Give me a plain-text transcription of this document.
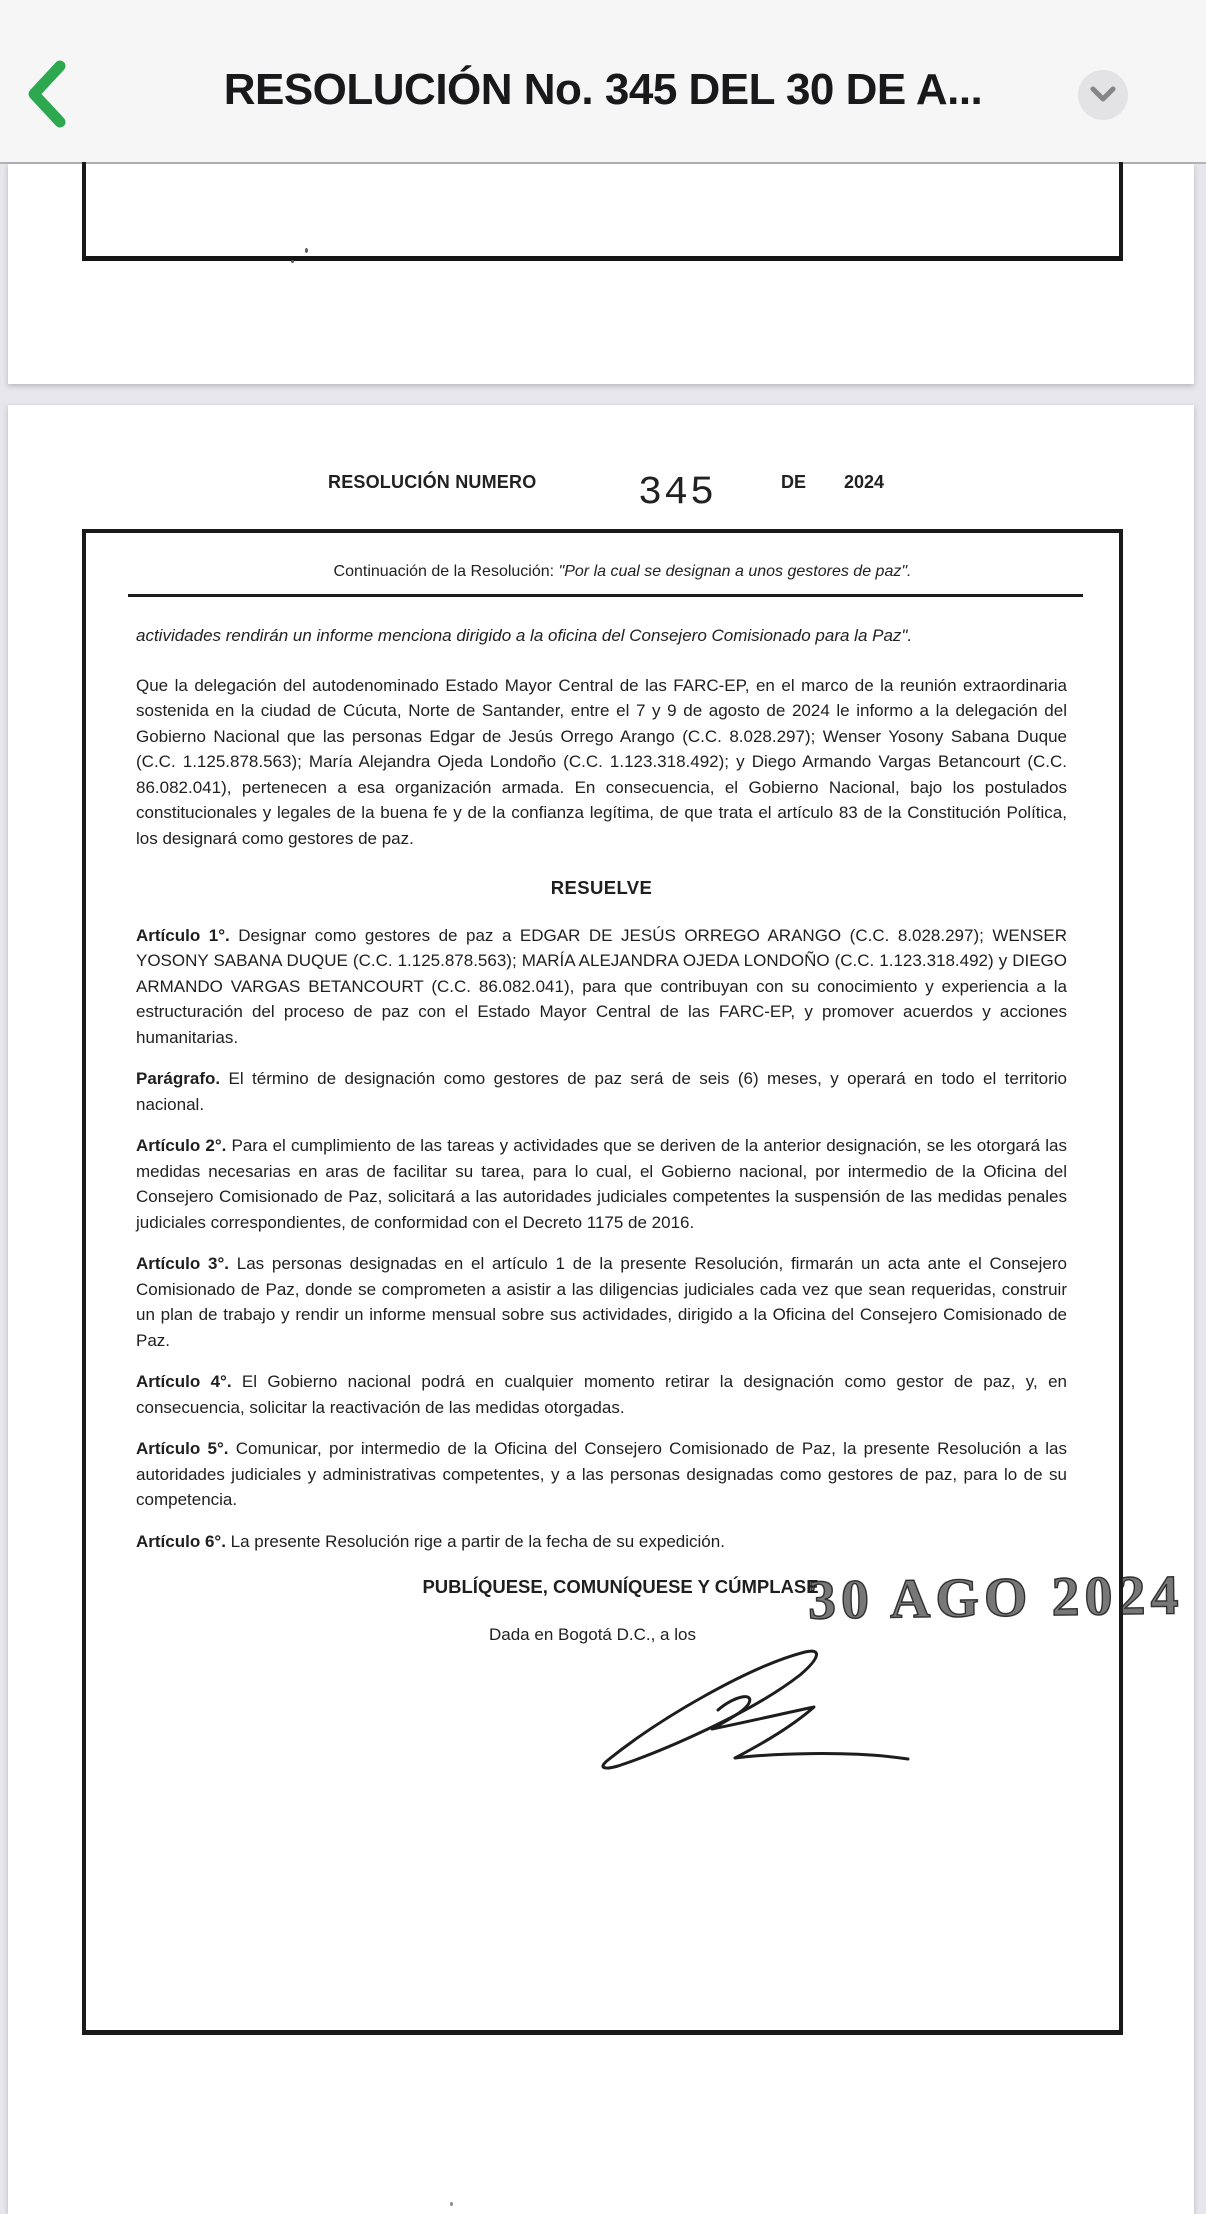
RESOLUCIÓN No. 345 DEL 30 DE A...
RESOLUCIÓN NUMERO	345	DE 2024
Continuación de la Resolución: "Por la cual se designan a unos gestores de paz".

actividades rendirán un informe menciona dirigido a la oficina del Consejero Comisionado para la Paz".

Que la delegación del autodenominado Estado Mayor Central de las FARC-EP, en el marco de la reunión extraordinaria sostenida en la ciudad de Cúcuta, Norte de Santander, entre el 7 y 9 de agosto de 2024 le informo a la delegación del Gobierno Nacional que las personas Edgar de Jesús Orrego Arango (C.C. 8.028.297); Wenser Yosony Sabana Duque (C.C. 1.125.878.563); María Alejandra Ojeda Londoño (C.C. 1.123.318.492); y Diego Armando Vargas Betancourt (C.C. 86.082.041), pertenecen a esa organización armada. En consecuencia, el Gobierno Nacional, bajo los postulados constitucionales y legales de la buena fe y de la confianza legítima, de que trata el artículo 83 de la Constitución Política, los designará como gestores de paz.

RESUELVE

Artículo 1°. Designar como gestores de paz a EDGAR DE JESÚS ORREGO ARANGO (C.C. 8.028.297); WENSER YOSONY SABANA DUQUE (C.C. 1.125.878.563); MARÍA ALEJANDRA OJEDA LONDOÑO (C.C. 1.123.318.492) y DIEGO ARMANDO VARGAS BETANCOURT (C.C. 86.082.041), para que contribuyan con su conocimiento y experiencia a la estructuración del proceso de paz con el Estado Mayor Central de las FARC-EP, y promover acuerdos y acciones humanitarias.

Parágrafo. El término de designación como gestores de paz será de seis (6) meses, y operará en todo el territorio nacional.

Artículo 2°. Para el cumplimiento de las tareas y actividades que se deriven de la anterior designación, se les otorgará las medidas necesarias en aras de facilitar su tarea, para lo cual, el Gobierno nacional, por intermedio de la Oficina del Consejero Comisionado de Paz, solicitará a las autoridades judiciales competentes la suspensión de las medidas penales judiciales correspondientes, de conformidad con el Decreto 1175 de 2016.

Artículo 3°. Las personas designadas en el artículo 1 de la presente Resolución, firmarán un acta ante el Consejero Comisionado de Paz, donde se comprometen a asistir a las diligencias judiciales cada vez que sean requeridas, construir un plan de trabajo y rendir un informe mensual sobre sus actividades, dirigido a la Oficina del Consejero Comisionado de Paz.

Artículo 4°. El Gobierno nacional podrá en cualquier momento retirar la designación como gestor de paz, y, en consecuencia, solicitar la reactivación de las medidas otorgadas.

Artículo 5°. Comunicar, por intermedio de la Oficina del Consejero Comisionado de Paz, la presente Resolución a las autoridades judiciales y administrativas competentes, y a las personas designadas como gestores de paz, para lo de su competencia.

Artículo 6°. La presente Resolución rige a partir de la fecha de su expedición.

PUBLÍQUESE, COMUNÍQUESE Y CÚMPLASE
Dada en Bogotá D.C., a los
30 AGO 2024
